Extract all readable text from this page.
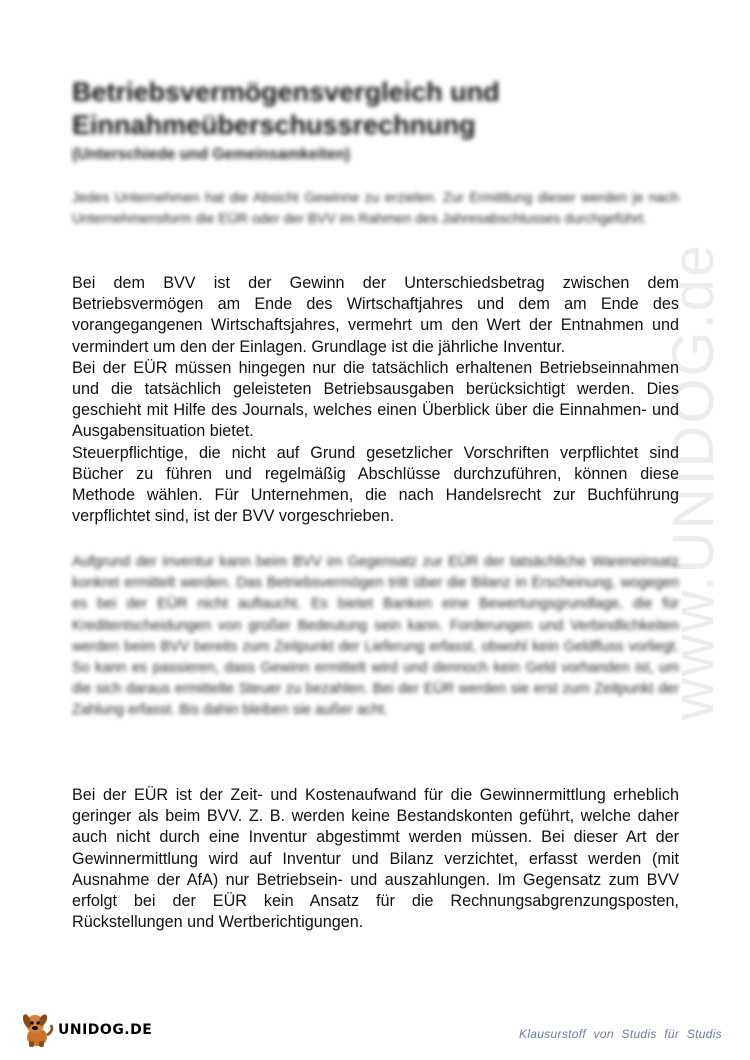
www.UNIDOG.de
Betriebsvermögensvergleich und Einnahmeüberschussrechnung
(Unterschiede und Gemeinsamkeiten)
Jedes Unternehmen hat die Absicht Gewinne zu erzielen. Zur Ermittlung dieser werden je nach Unternehmensform die EÜR oder der BVV im Rahmen des Jahresabschlusses durchgeführt.
Bei dem BVV ist der Gewinn der Unterschiedsbetrag zwischen dem Betriebsvermögen am Ende des Wirtschaftjahres und dem am Ende des vorangegangenen Wirtschaftsjahres, vermehrt um den Wert der Entnahmen und vermindert um den der Einlagen. Grundlage ist die jährliche Inventur.
Bei der EÜR müssen hingegen nur die tatsächlich erhaltenen Betriebseinnahmen und die tatsächlich geleisteten Betriebsausgaben berücksichtigt werden. Dies geschieht mit Hilfe des Journals, welches einen Überblick über die Einnahmen- und Ausgabensituation bietet.
Steuerpflichtige, die nicht auf Grund gesetzlicher Vorschriften verpflichtet sind Bücher zu führen und regelmäßig Abschlüsse durchzuführen, können diese Methode wählen. Für Unternehmen, die nach Handelsrecht zur Buchführung verpflichtet sind, ist der BVV vorgeschrieben.
Aufgrund der Inventur kann beim BVV im Gegensatz zur EÜR der tatsächliche Wareneinsatz konkret ermittelt werden. Das Betriebsvermögen tritt über die Bilanz in Erscheinung, wogegen es bei der EÜR nicht auftaucht. Es bietet Banken eine Bewertungsgrundlage, die für Kreditentscheidungen von großer Bedeutung sein kann. Forderungen und Verbindlichkeiten werden beim BVV bereits zum Zeitpunkt der Lieferung erfasst, obwohl kein Geldfluss vorliegt. So kann es passieren, dass Gewinn ermittelt wird und dennoch kein Geld vorhanden ist, um die sich daraus ermittelte Steuer zu bezahlen. Bei der EÜR werden sie erst zum Zeitpunkt der Zahlung erfasst. Bis dahin bleiben sie außer acht.
Bei der EÜR ist der Zeit- und Kostenaufwand für die Gewinnermittlung erheblich geringer als beim BVV. Z. B. werden keine Bestandskonten geführt, welche daher auch nicht durch eine Inventur abgestimmt werden müssen. Bei dieser Art der Gewinnermittlung wird auf Inventur und Bilanz verzichtet, erfasst werden (mit Ausnahme der AfA) nur Betriebsein- und auszahlungen. Im Gegensatz zum BVV erfolgt bei der EÜR kein Ansatz für die Rechnungsabgrenzungsposten, Rückstellungen und Wertberichtigungen.
UNIDOG.DE	Klausurstoff von Studis für Studis
